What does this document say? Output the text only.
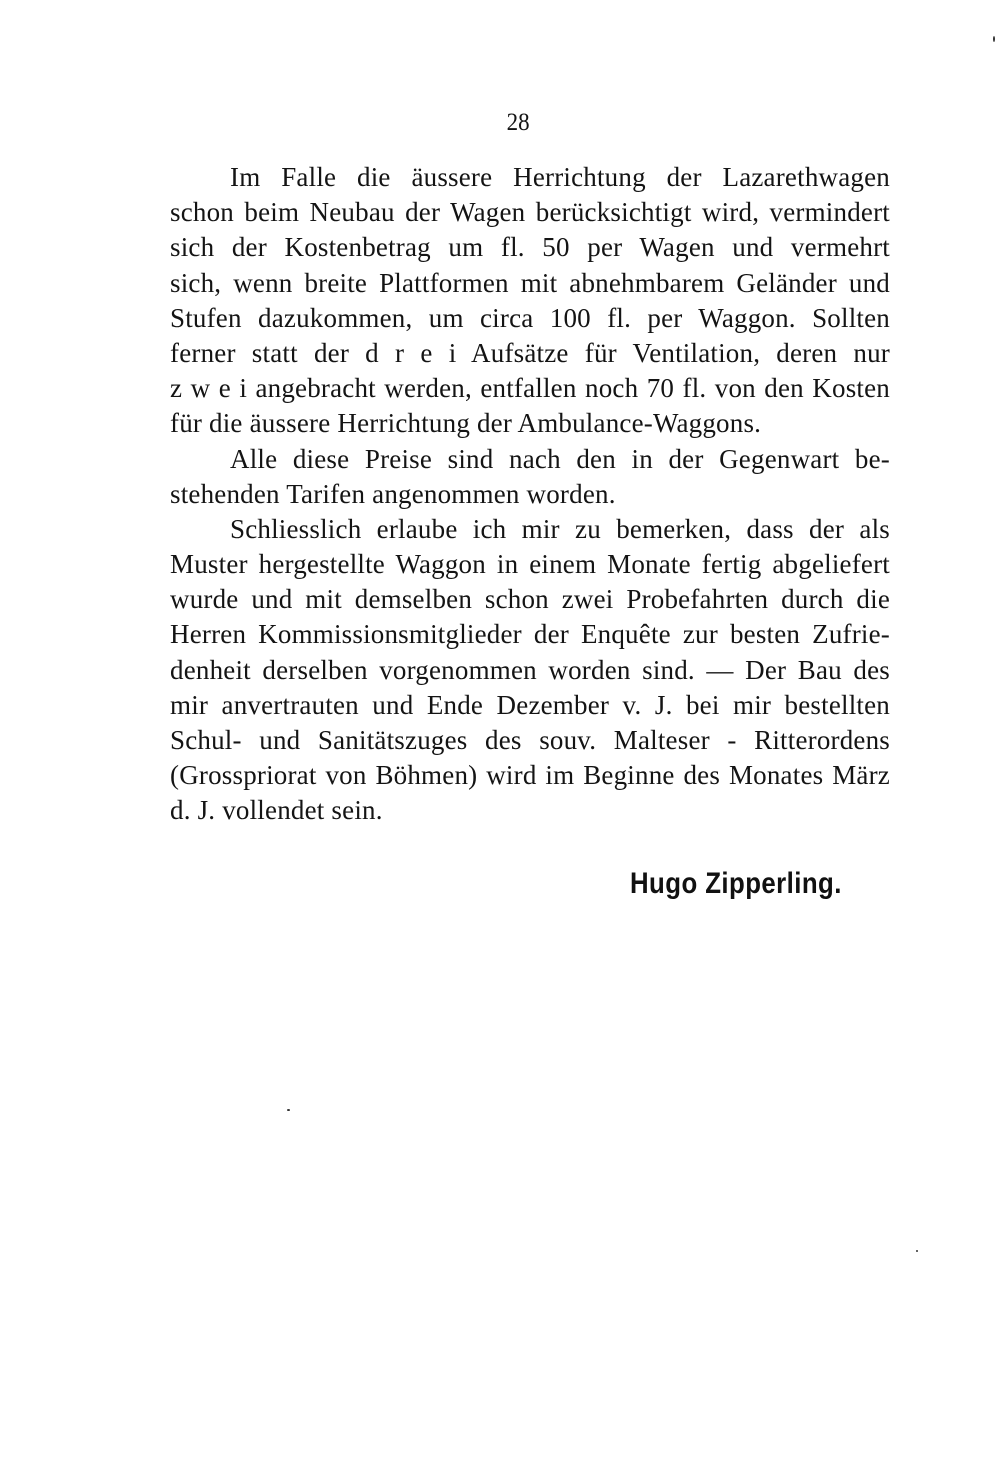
28
Im Falle die äussere Herrichtung der Lazarethwagen
schon beim Neubau der Wagen berücksichtigt wird, vermindert
sich der Kostenbetrag um fl. 50 per Wagen und vermehrt
sich, wenn breite Plattformen mit abnehmbarem Geländer und
Stufen dazukommen, um circa 100 fl. per Waggon. Sollten
ferner statt der d r e i Aufsätze für Ventilation, deren nur
z w e i angebracht werden, entfallen noch 70 fl. von den Kosten
für die äussere Herrichtung der Ambulance-Waggons.
Alle diese Preise sind nach den in der Gegenwart be-
stehenden Tarifen angenommen worden.
Schliesslich erlaube ich mir zu bemerken, dass der als
Muster hergestellte Waggon in einem Monate fertig abgeliefert
wurde und mit demselben schon zwei Probefahrten durch die
Herren Kommissionsmitglieder der Enquête zur besten Zufrie-
denheit derselben vorgenommen worden sind. — Der Bau des
mir anvertrauten und Ende Dezember v. J. bei mir bestellten
Schul- und Sanitätszuges des souv. Malteser - Ritterordens
(Grosspriorat von Böhmen) wird im Beginne des Monates März
d. J. vollendet sein.
Hugo Zipperling.
